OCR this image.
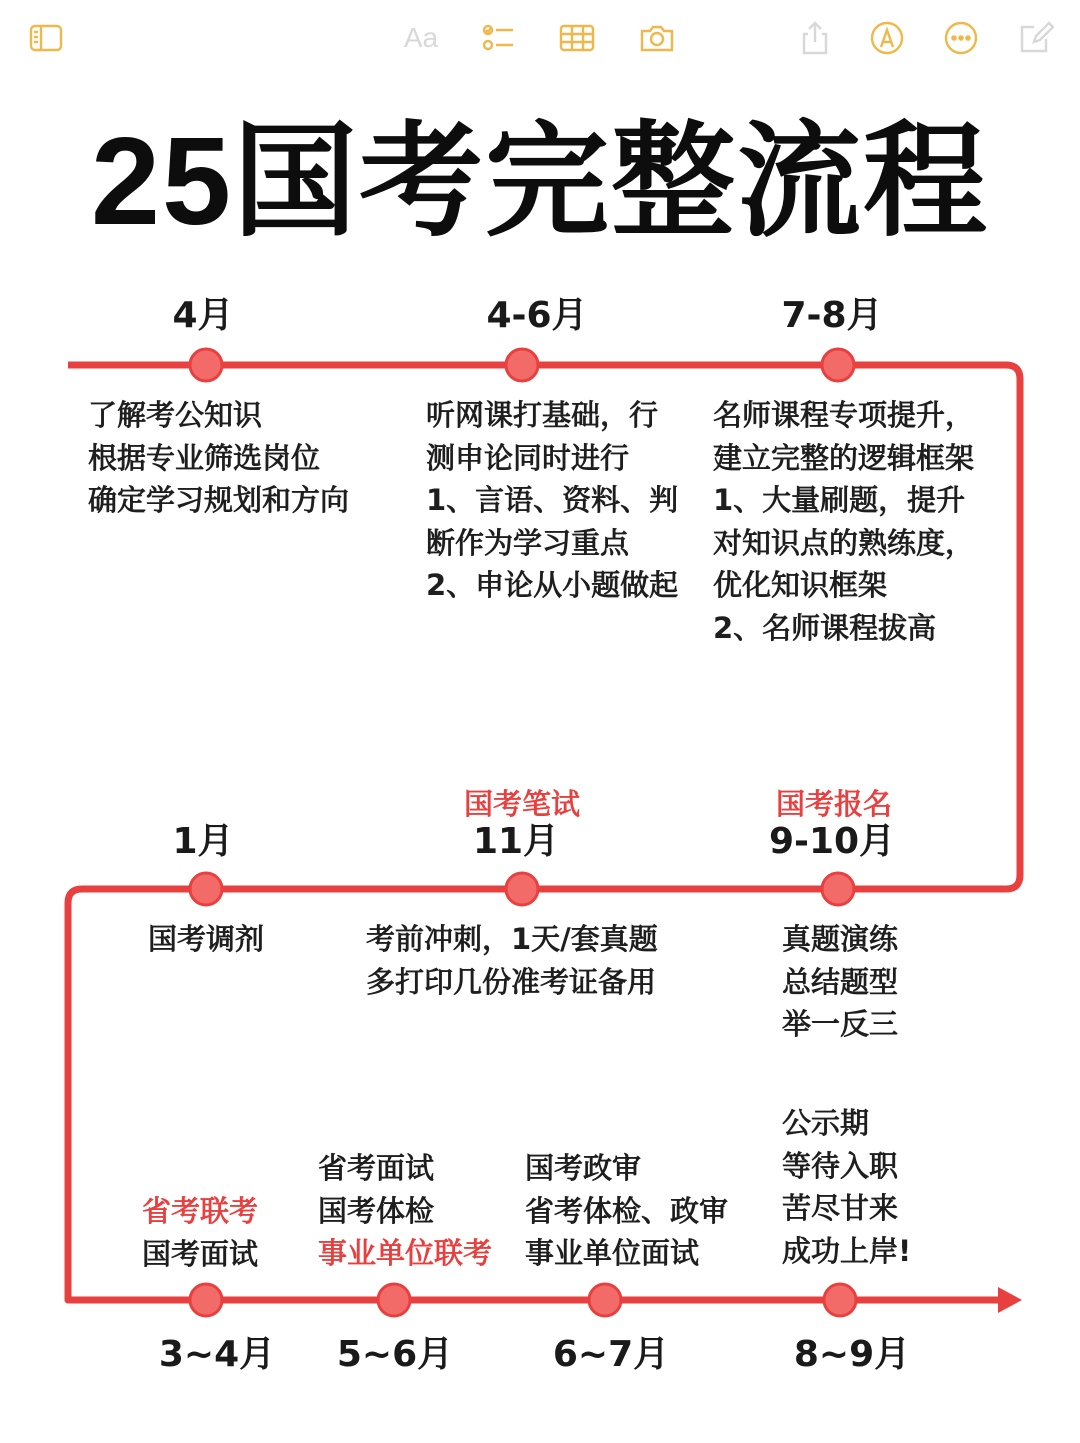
Aa
25国考完整流程
4月	4-6月	7-8月
了解考公知识
根据专业筛选岗位
确定学习规划和方向
听网课打基础，行
测申论同时进行
1、言语、资料、判
断作为学习重点
2、申论从小题做起
名师课程专项提升，
建立完整的逻辑框架
1、大量刷题，提升
对知识点的熟练度，
优化知识框架
2、名师课程拔高
国考笔试	国考报名
1月	11月	9-10月
国考调剂	考前冲刺，1天/套真题
多打印几份准考证备用
真题演练
总结题型
举一反三
省考联考
国考面试
省考面试
国考体检
事业单位联考
国考政审
省考体检、政审
事业单位面试
公示期
等待入职
苦尽甘来
成功上岸!
3~4月 5~6月	6~7月	8~9月
